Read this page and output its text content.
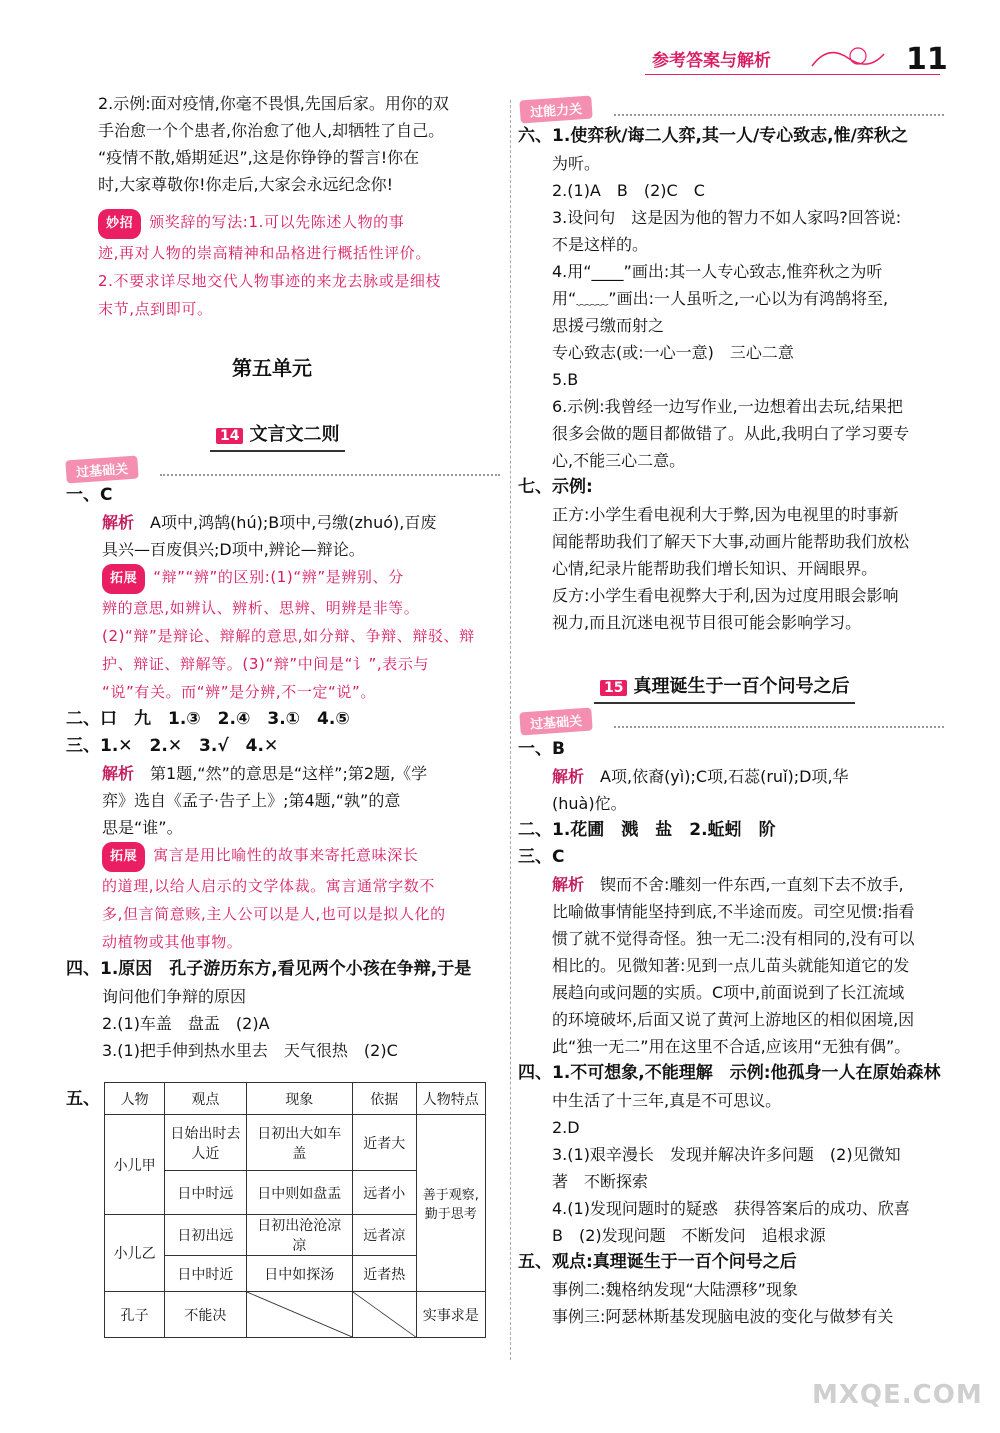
参考答案与解析	11
2.示例:面对疫情,你毫不畏惧,先国后家。用你的双
手治愈一个个患者,你治愈了他人,却牺牲了自己。
“疫情不散,婚期延迟”,这是你铮铮的誓言!你在
时,大家尊敬你!你走后,大家会永远纪念你!
妙招 颁奖辞的写法:1.可以先陈述人物的事
迹,再对人物的崇高精神和品格进行概括性评价。
2.不要求详尽地交代人物事迹的来龙去脉或是细枝
末节,点到即可。
第五单元
14 文言文二则
过基础关
一、C
解析　 A项中,鸿鹄(hú);B项中,弓缴(zhuó),百废
具兴—百废俱兴;D项中,辨论—辩论。
拓展 “辩”“辨”的区别:(1)“辨”是辨别、分
辨的意思,如辨认、辨析、思辨、明辨是非等。
(2)“辩”是辩论、辩解的意思,如分辩、争辩、辩驳、辩
护、辩证、辩解等。(3)“辩”中间是“讠”,表示与
“说”有关。而“辨”是分辨,不一定“说”。
二、口　九　1.③　2.④　3.①　4.⑤
三、1.✕　2.✕　3.√　4.✕
解析　 第1题,“然”的意思是“这样”;第2题,《学
弈》选自《孟子·告子上》;第4题,“孰”的意
思是“谁”。
拓展 寓言是用比喻性的故事来寄托意味深长
的道理,以给人启示的文学体裁。寓言通常字数不
多,但言简意赅,主人公可以是人,也可以是拟人化的
动植物或其他事物。
四、1.原因　孔子游历东方,看见两个小孩在争辩,于是
询问他们争辩的原因
2.(1)车盖　盘盂　(2)A
3.(1)把手伸到热水里去　天气很热　(2)C
五、 人物	观点	现象	依据	人物特点
小儿甲	日始出时去人近	日初出大如车盖	近者大	善于观察,勤于思考
	日中时远	日中则如盘盂	远者小	
小儿乙	日初出远	日初出沧沧凉凉	远者凉	
	日中时近	日中如探汤	近者热	
孔子	不能决			实事求是
过能力关
六、1.使弈秋/诲二人弈,其一人/专心致志,惟/弈秋之
为听。
2.(1)A　B　(2)C　C
3.设问句　这是因为他的智力不如人家吗?回答说:
不是这样的。
4.用“____”画出:其一人专心致志,惟弈秋之为听
用“﹏﹏”画出:一人虽听之,一心以为有鸿鹄将至,
思援弓缴而射之
专心致志(或:一心一意)　三心二意
5.B
6.示例:我曾经一边写作业,一边想着出去玩,结果把
很多会做的题目都做错了。从此,我明白了学习要专
心,不能三心二意。
七、示例:
正方:小学生看电视利大于弊,因为电视里的时事新
闻能帮助我们了解天下大事,动画片能帮助我们放松
心情,纪录片能帮助我们增长知识、开阔眼界。
反方:小学生看电视弊大于利,因为过度用眼会影响
视力,而且沉迷电视节目很可能会影响学习。
15 真理诞生于一百个问号之后
过基础关
一、B
解析　 A项,依裔(yì);C项,石蕊(ruǐ);D项,华
(huà)佗。
二、1.花圃　溅　盐　2.蚯蚓　阶
三、C
解析　 锲而不舍:雕刻一件东西,一直刻下去不放手,
比喻做事情能坚持到底,不半途而废。司空见惯:指看
惯了就不觉得奇怪。独一无二:没有相同的,没有可以
相比的。见微知著:见到一点儿苗头就能知道它的发
展趋向或问题的实质。C项中,前面说到了长江流域
的环境破坏,后面又说了黄河上游地区的相似困境,因
此“独一无二”用在这里不合适,应该用“无独有偶”。
四、1.不可想象,不能理解　示例:他孤身一人在原始森林
中生活了十三年,真是不可思议。
2.D
3.(1)艰辛漫长　发现并解决许多问题　(2)见微知
著　不断探索
4.(1)发现问题时的疑惑　获得答案后的成功、欣喜
B　(2)发现问题　不断发问　追根求源
五、观点:真理诞生于一百个问号之后
事例二:魏格纳发现“大陆漂移”现象
事例三:阿瑟林斯基发现脑电波的变化与做梦有关
MXQE.COM
